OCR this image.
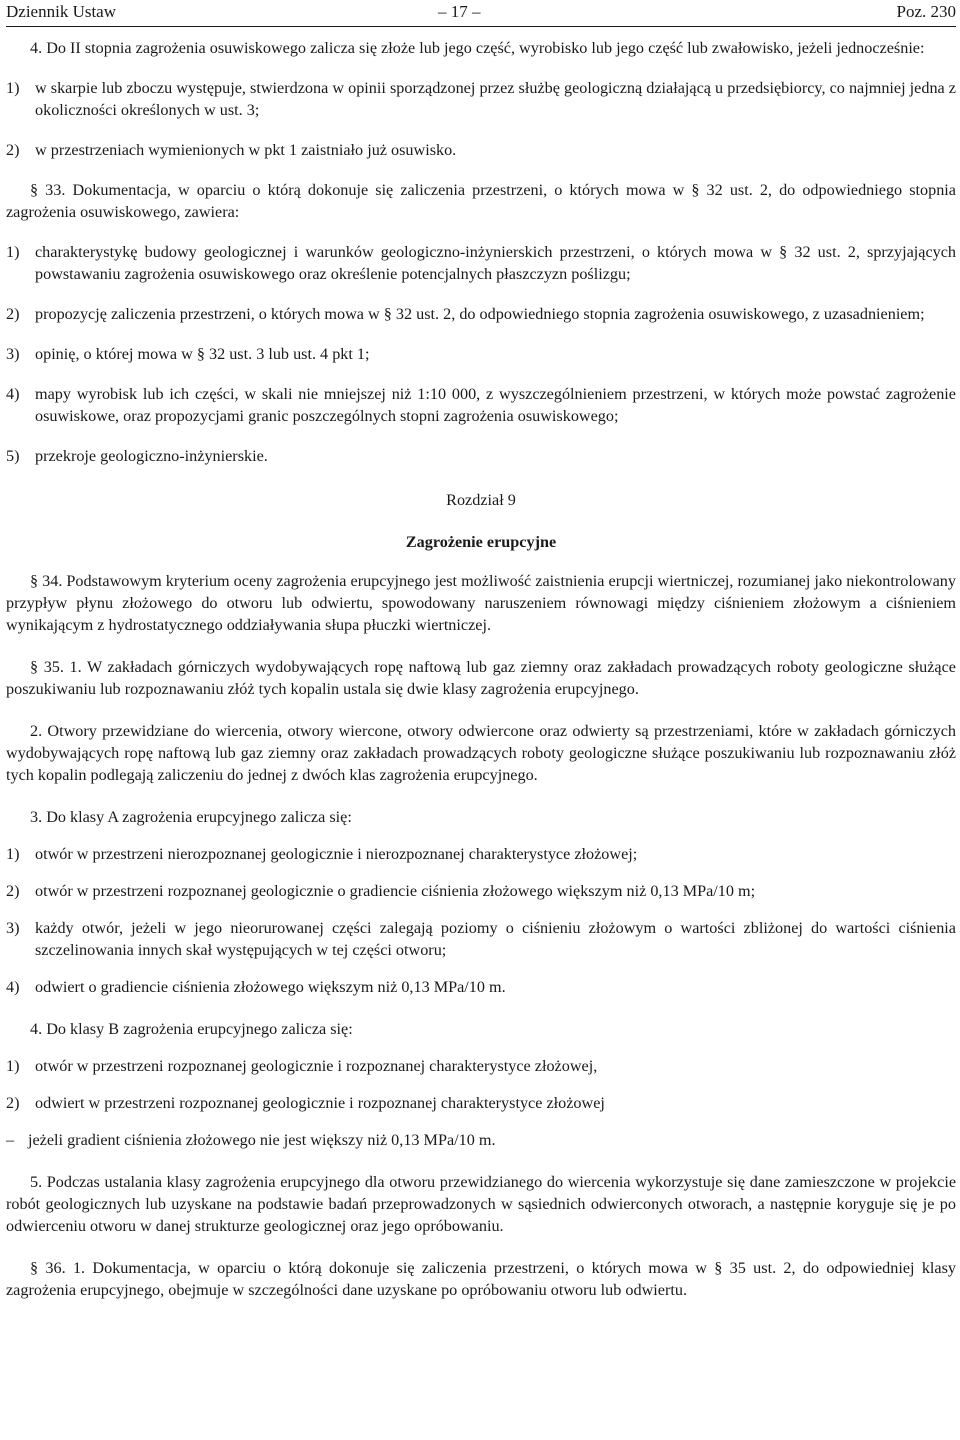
Dziennik Ustaw	– 17 –	Poz. 230

4. Do II stopnia zagrożenia osuwiskowego zalicza się złoże lub jego część, wyrobisko lub jego część lub zwałowisko, jeżeli jednocześnie:

1) w skarpie lub zboczu występuje, stwierdzona w opinii sporządzonej przez służbę geologiczną działającą u przedsiębiorcy, co najmniej jedna z okoliczności określonych w ust. 3;
2) w przestrzeniach wymienionych w pkt 1 zaistniało już osuwisko.

§ 33. Dokumentacja, w oparciu o którą dokonuje się zaliczenia przestrzeni, o których mowa w § 32 ust. 2, do odpowiedniego stopnia zagrożenia osuwiskowego, zawiera:

1) charakterystykę budowy geologicznej i warunków geologiczno-inżynierskich przestrzeni, o których mowa w § 32 ust. 2, sprzyjających powstawaniu zagrożenia osuwiskowego oraz określenie potencjalnych płaszczyzn poślizgu;
2) propozycję zaliczenia przestrzeni, o których mowa w § 32 ust. 2, do odpowiedniego stopnia zagrożenia osuwiskowego, z uzasadnieniem;
3) opinię, o której mowa w § 32 ust. 3 lub ust. 4 pkt 1;
4) mapy wyrobisk lub ich części, w skali nie mniejszej niż 1:10 000, z wyszczególnieniem przestrzeni, w których może powstać zagrożenie osuwiskowe, oraz propozycjami granic poszczególnych stopni zagrożenia osuwiskowego;
5) przekroje geologiczno-inżynierskie.

Rozdział 9

Zagrożenie erupcyjne

§ 34. Podstawowym kryterium oceny zagrożenia erupcyjnego jest możliwość zaistnienia erupcji wiertniczej, rozumianej jako niekontrolowany przypływ płynu złożowego do otworu lub odwiertu, spowodowany naruszeniem równowagi między ciśnieniem złożowym a ciśnieniem wynikającym z hydrostatycznego oddziaływania słupa płuczki wiertniczej.

§ 35. 1. W zakładach górniczych wydobywających ropę naftową lub gaz ziemny oraz zakładach prowadzących roboty geologiczne służące poszukiwaniu lub rozpoznawaniu złóż tych kopalin ustala się dwie klasy zagrożenia erupcyjnego.

2. Otwory przewidziane do wiercenia, otwory wiercone, otwory odwiercone oraz odwierty są przestrzeniami, które w zakładach górniczych wydobywających ropę naftową lub gaz ziemny oraz zakładach prowadzących roboty geologiczne służące poszukiwaniu lub rozpoznawaniu złóż tych kopalin podlegają zaliczeniu do jednej z dwóch klas zagrożenia erupcyjnego.

3. Do klasy A zagrożenia erupcyjnego zalicza się:

1) otwór w przestrzeni nierozpoznanej geologicznie i nierozpoznanej charakterystyce złożowej;
2) otwór w przestrzeni rozpoznanej geologicznie o gradiencie ciśnienia złożowego większym niż 0,13 MPa/10 m;
3) każdy otwór, jeżeli w jego nieorurowanej części zalegają poziomy o ciśnieniu złożowym o wartości zbliżonej do wartości ciśnienia szczelinowania innych skał występujących w tej części otworu;
4) odwiert o gradiencie ciśnienia złożowego większym niż 0,13 MPa/10 m.

4. Do klasy B zagrożenia erupcyjnego zalicza się:

1) otwór w przestrzeni rozpoznanej geologicznie i rozpoznanej charakterystyce złożowej,
2) odwiert w przestrzeni rozpoznanej geologicznie i rozpoznanej charakterystyce złożowej
– jeżeli gradient ciśnienia złożowego nie jest większy niż 0,13 MPa/10 m.

5. Podczas ustalania klasy zagrożenia erupcyjnego dla otworu przewidzianego do wiercenia wykorzystuje się dane zamieszczone w projekcie robót geologicznych lub uzyskane na podstawie badań przeprowadzonych w sąsiednich odwierconych otworach, a następnie koryguje się je po odwierceniu otworu w danej strukturze geologicznej oraz jego opróbowaniu.

§ 36. 1. Dokumentacja, w oparciu o którą dokonuje się zaliczenia przestrzeni, o których mowa w § 35 ust. 2, do odpowiedniej klasy zagrożenia erupcyjnego, obejmuje w szczególności dane uzyskane po opróbowaniu otworu lub odwiertu.
